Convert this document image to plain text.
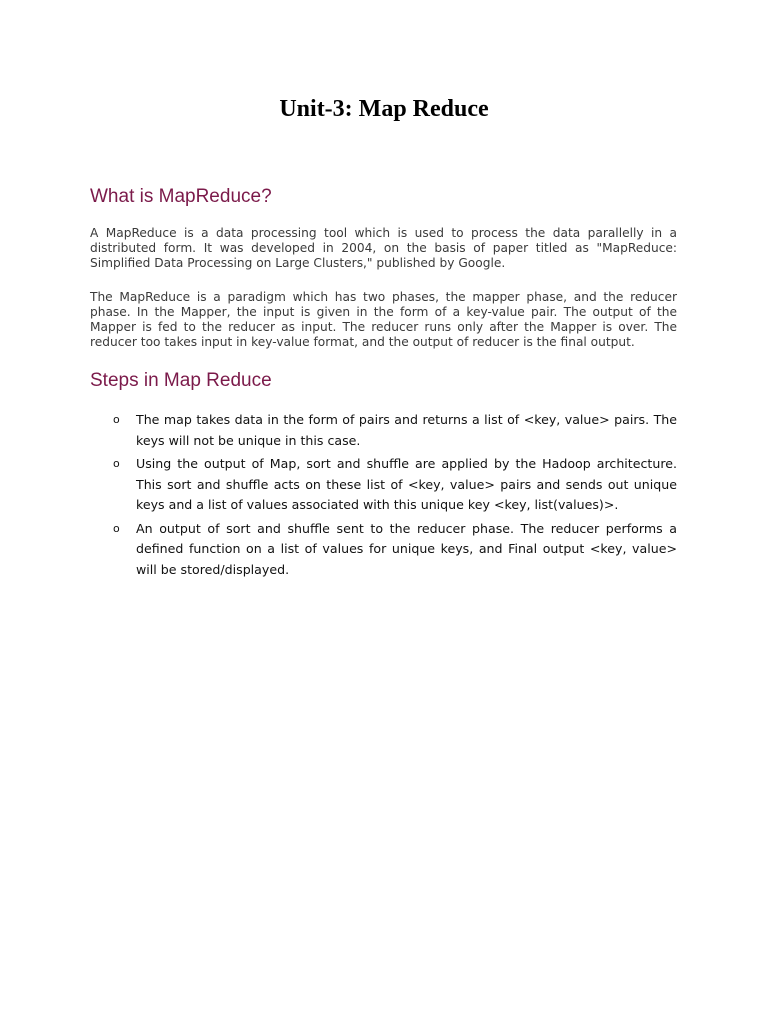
Unit-3: Map Reduce
What is MapReduce?

A MapReduce is a data processing tool which is used to process the data parallelly in a distributed form. It was developed in 2004, on the basis of paper titled as "MapReduce: Simplified Data Processing on Large Clusters," published by Google.

The MapReduce is a paradigm which has two phases, the mapper phase, and the reducer phase. In the Mapper, the input is given in the form of a key-value pair. The output of the Mapper is fed to the reducer as input. The reducer runs only after the Mapper is over. The reducer too takes input in key-value format, and the output of reducer is the final output.

Steps in Map Reduce
o The map takes data in the form of pairs and returns a list of <key, value> pairs. The keys will not be unique in this case.
o Using the output of Map, sort and shuffle are applied by the Hadoop architecture. This sort and shuffle acts on these list of <key, value> pairs and sends out unique keys and a list of values associated with this unique key <key, list(values)>.
o An output of sort and shuffle sent to the reducer phase. The reducer performs a defined function on a list of values for unique keys, and Final output <key, value> will be stored/displayed.
